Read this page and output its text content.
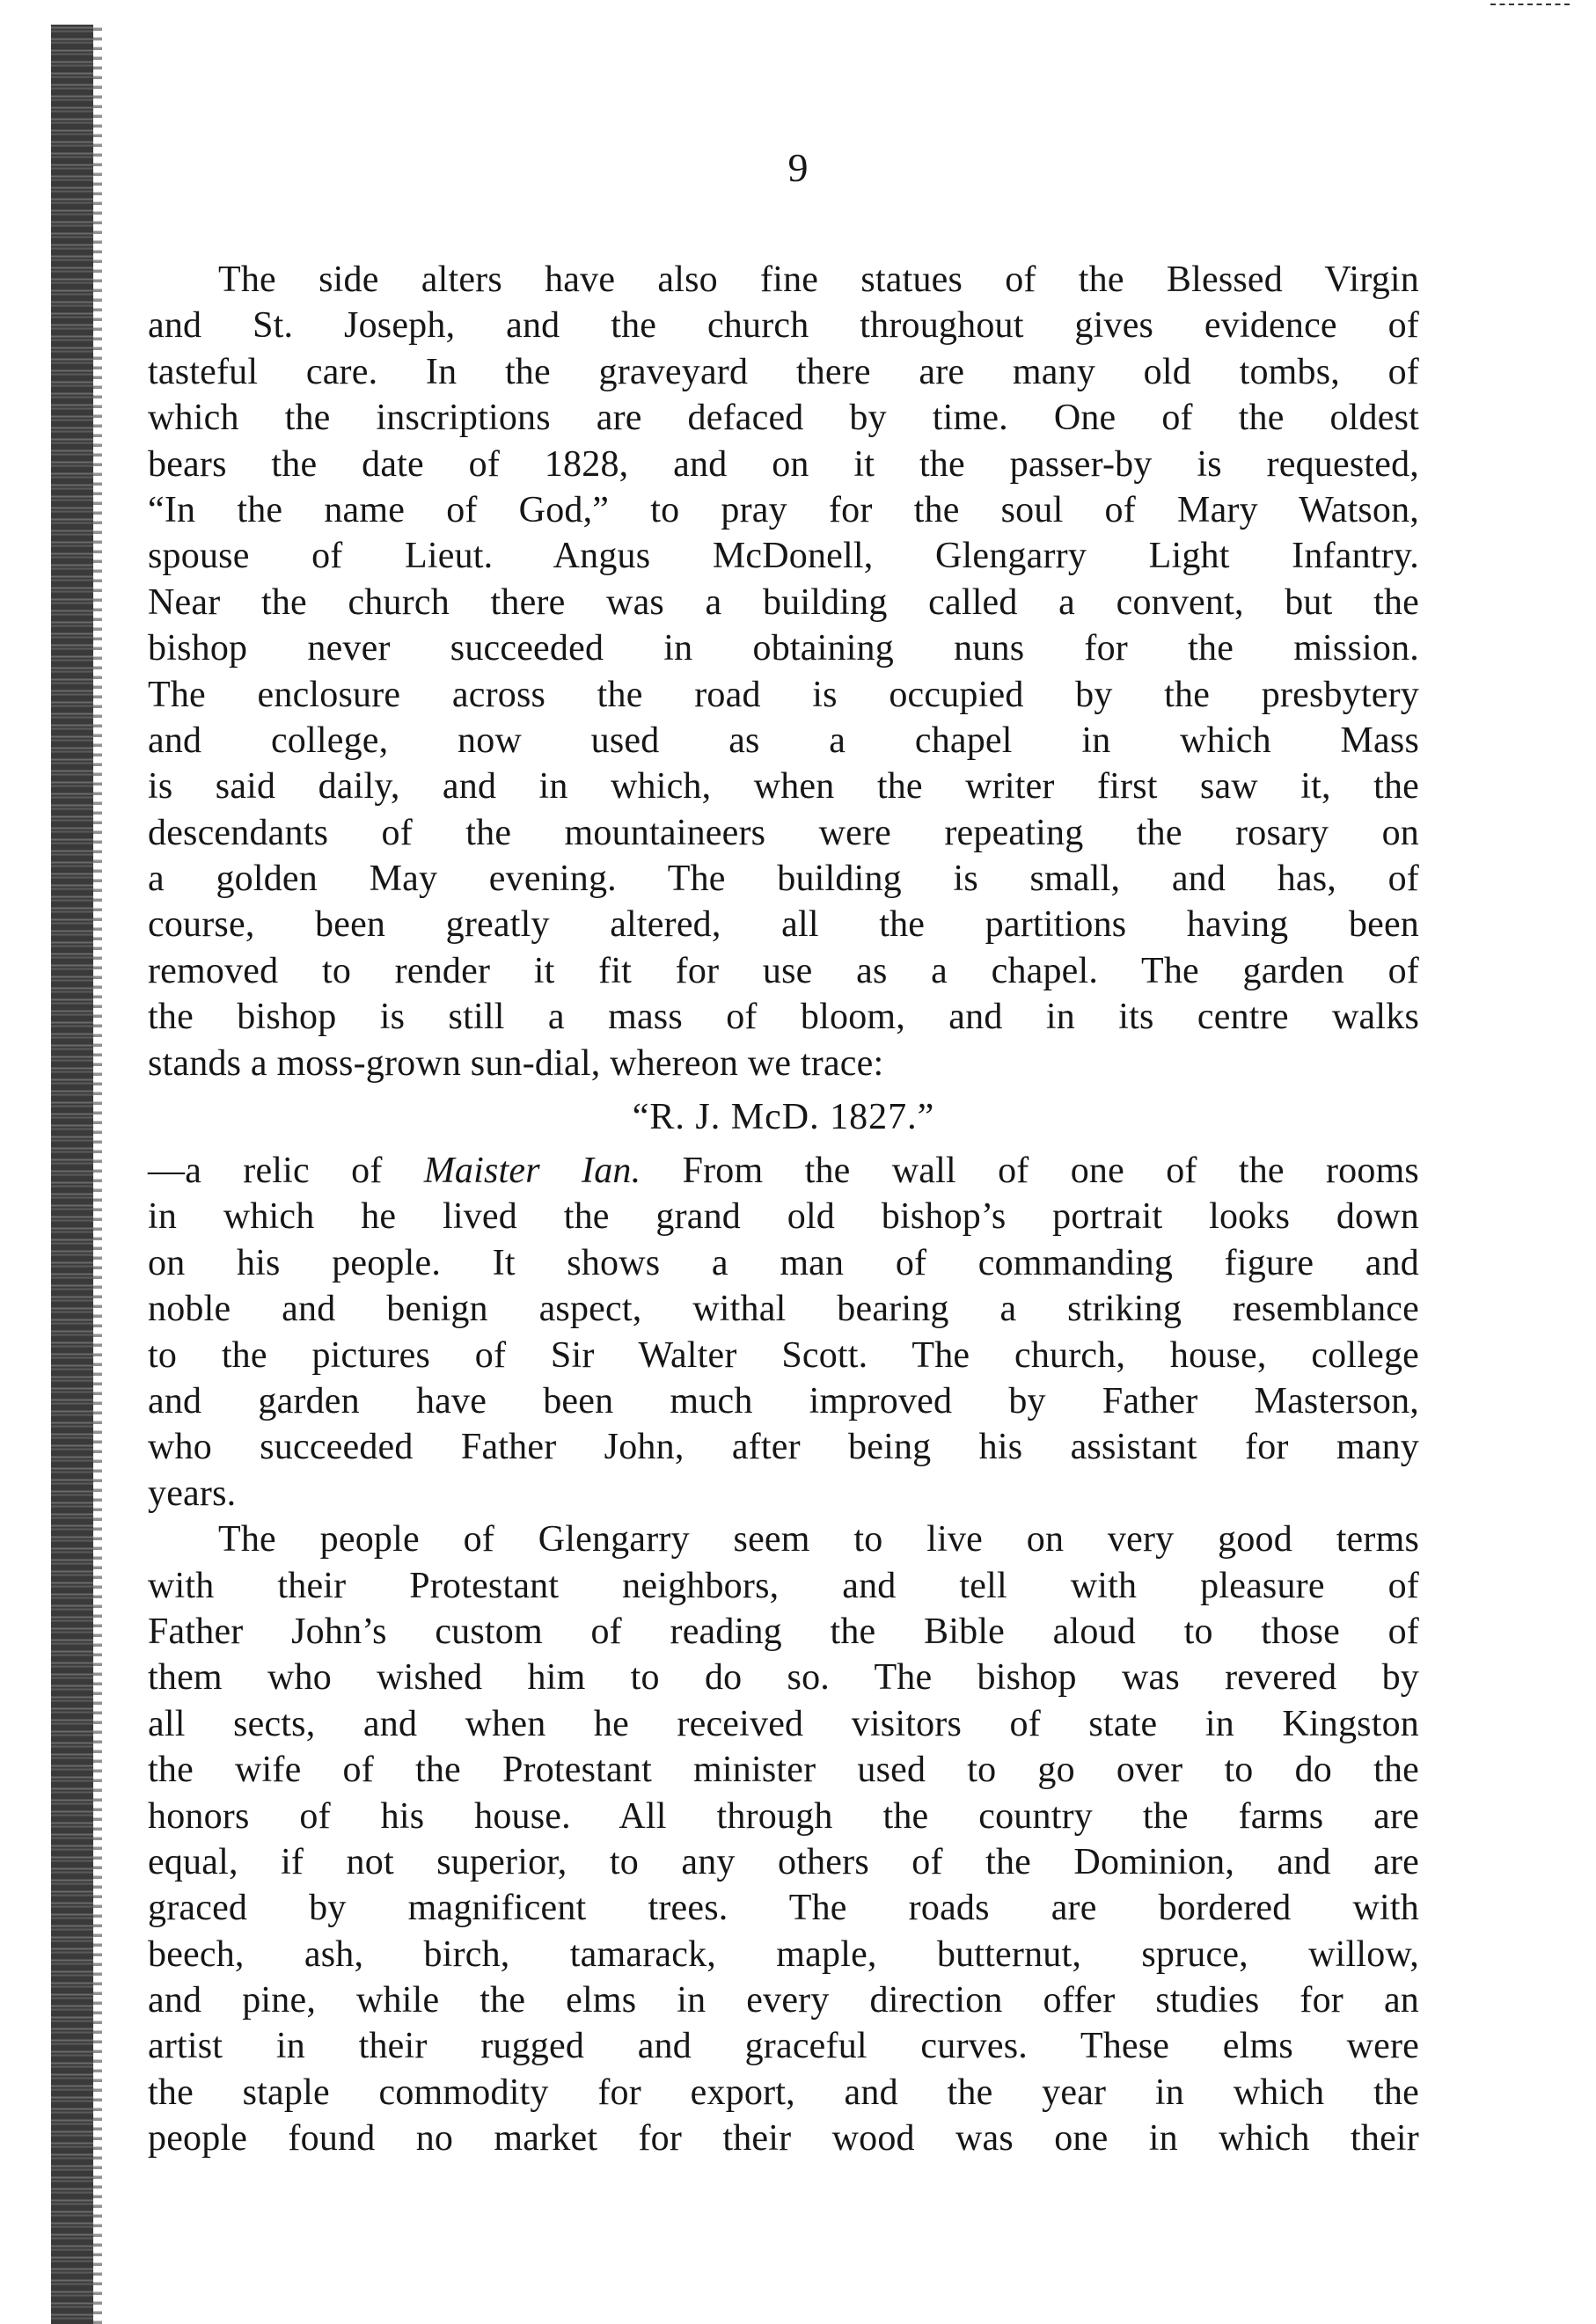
9
The side alters have also fine statues of the Blessed Virgin
and St. Joseph, and the church throughout gives evidence of
tasteful care. In the graveyard there are many old tombs, of
which the inscriptions are defaced by time. One of the oldest
bears the date of 1828, and on it the passer-by is requested,
“In the name of God,” to pray for the soul of Mary Watson,
spouse of Lieut. Angus McDonell, Glengarry Light Infantry.
Near the church there was a building called a convent, but the
bishop never succeeded in obtaining nuns for the mission.
The enclosure across the road is occupied by the presbytery
and college, now used as a chapel in which Mass
is said daily, and in which, when the writer first saw it, the
descendants of the mountaineers were repeating the rosary on
a golden May evening. The building is small, and has, of
course, been greatly altered, all the partitions having been
removed to render it fit for use as a chapel. The garden of
the bishop is still a mass of bloom, and in its centre walks
stands a moss-grown sun-dial, whereon we trace:
“R. J. McD. 1827.”
—a relic of Maister Ian. From the wall of one of the rooms
in which he lived the grand old bishop’s portrait looks down
on his people. It shows a man of commanding figure and
noble and benign aspect, withal bearing a striking resemblance
to the pictures of Sir Walter Scott. The church, house, college
and garden have been much improved by Father Masterson,
who succeeded Father John, after being his assistant for many
years.
The people of Glengarry seem to live on very good terms
with their Protestant neighbors, and tell with pleasure of
Father John’s custom of reading the Bible aloud to those of
them who wished him to do so. The bishop was revered by
all sects, and when he received visitors of state in Kingston
the wife of the Protestant minister used to go over to do the
honors of his house. All through the country the farms are
equal, if not superior, to any others of the Dominion, and are
graced by magnificent trees. The roads are bordered with
beech, ash, birch, tamarack, maple, butternut, spruce, willow,
and pine, while the elms in every direction offer studies for an
artist in their rugged and graceful curves. These elms were
the staple commodity for export, and the year in which the
people found no market for their wood was one in which their
